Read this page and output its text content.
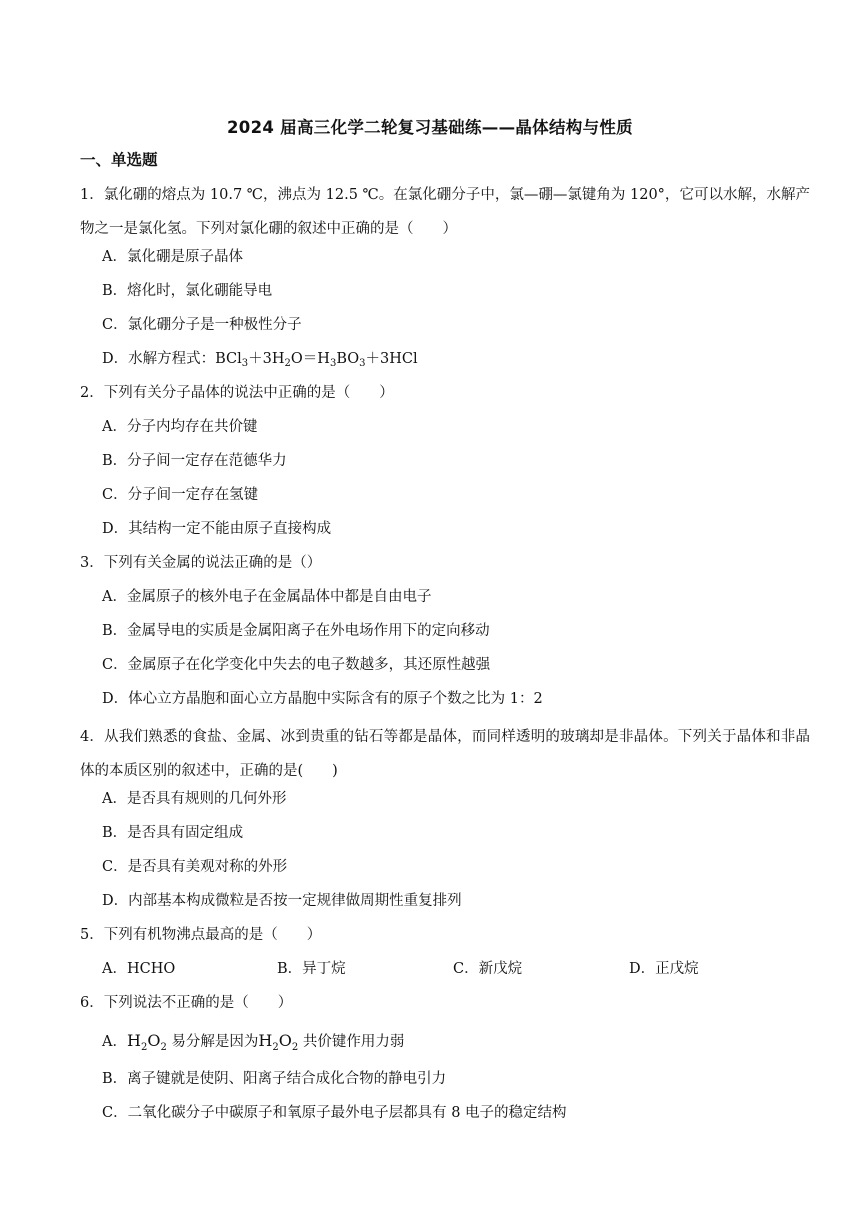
2024 届高三化学二轮复习基础练——晶体结构与性质
一、单选题
1．氯化硼的熔点为 10.7 ℃，沸点为 12.5 ℃。在氯化硼分子中，氯—硼—氯键角为 120°，它可以水解，水解产物之一是氯化氢。下列对氯化硼的叙述中正确的是（　　）
A．氯化硼是原子晶体
B．熔化时，氯化硼能导电
C．氯化硼分子是一种极性分子
D．水解方程式：$BCl_3+3H_2O=H_3BO_3+3HCl$
2．下列有关分子晶体的说法中正确的是（　　）
A．分子内均存在共价键
B．分子间一定存在范德华力
C．分子间一定存在氢键
D．其结构一定不能由原子直接构成
3．下列有关金属的说法正确的是（）
A．金属原子的核外电子在金属晶体中都是自由电子
B．金属导电的实质是金属阳离子在外电场作用下的定向移动
C．金属原子在化学变化中失去的电子数越多，其还原性越强
D．体心立方晶胞和面心立方晶胞中实际含有的原子个数之比为 1：2
4．从我们熟悉的食盐、金属、冰到贵重的钻石等都是晶体，而同样透明的玻璃却是非晶体。下列关于晶体和非晶体的本质区别的叙述中，正确的是(　　)
A．是否具有规则的几何外形
B．是否具有固定组成
C．是否具有美观对称的外形
D．内部基本构成微粒是否按一定规律做周期性重复排列
5．下列有机物沸点最高的是（　　）
A．HCHO	B．异丁烷	C．新戊烷	D．正戊烷
6．下列说法不正确的是（　　）
A．$H_2O_2$ 易分解是因为$H_2O_2$ 共价键作用力弱
B．离子键就是使阴、阳离子结合成化合物的静电引力
C．二氧化碳分子中碳原子和氧原子最外电子层都具有 8 电子的稳定结构
